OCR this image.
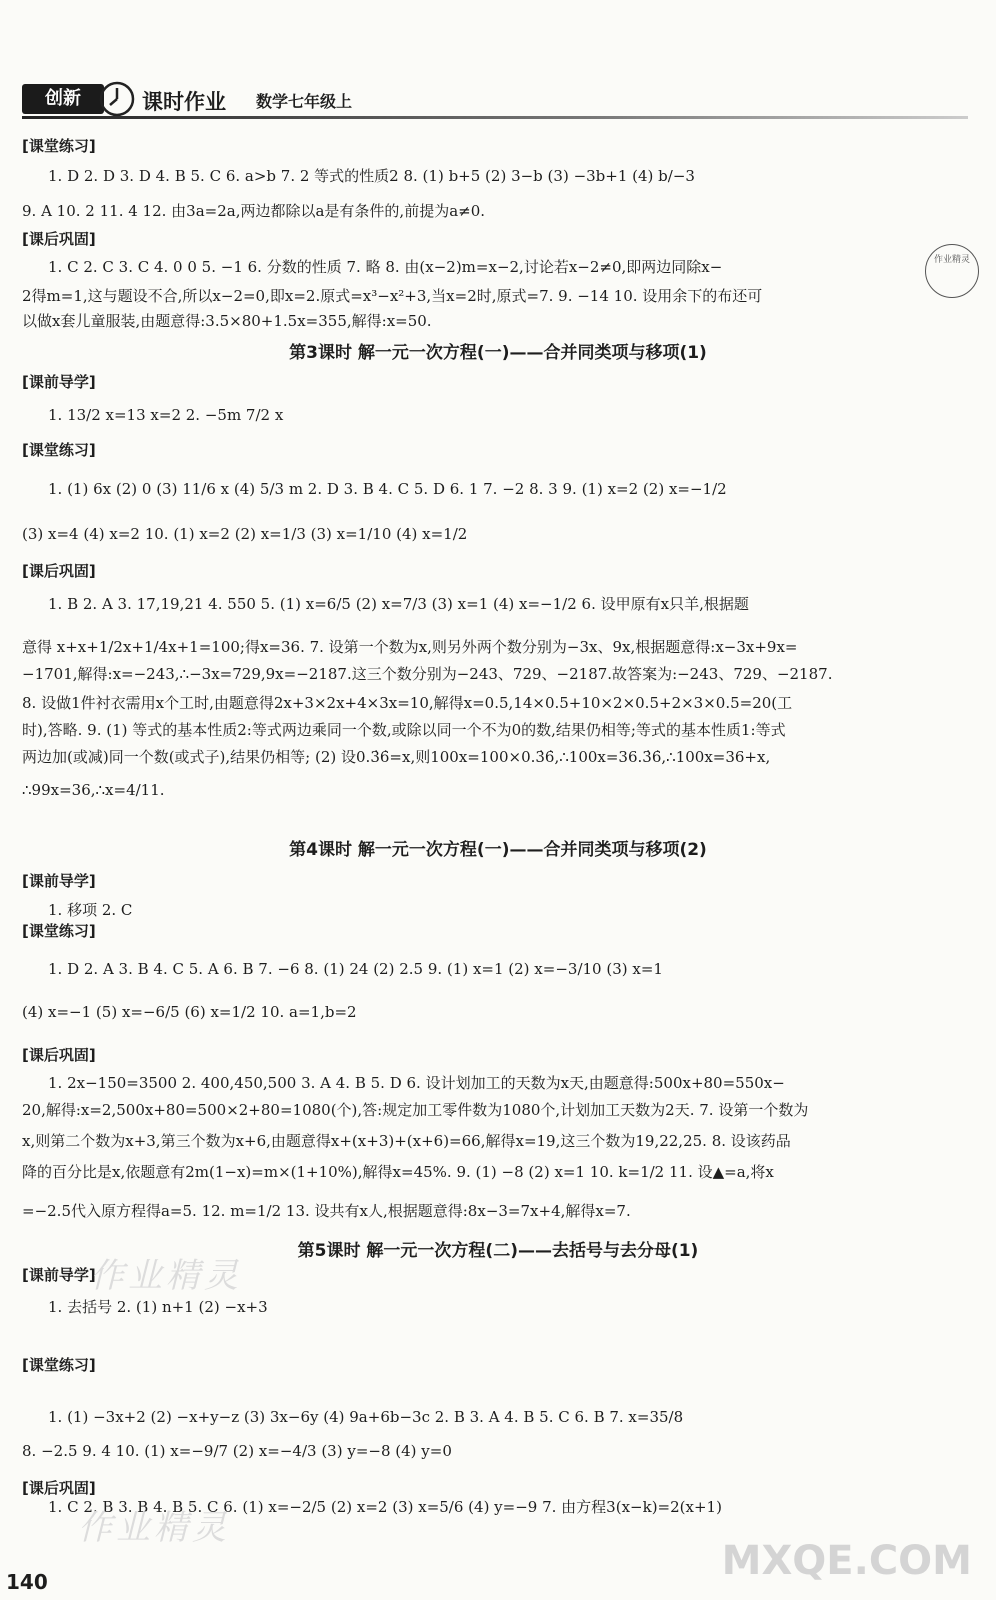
创新	课时作业 数学七年级上
[课堂练习]
1. D 2. D 3. D 4. B 5. C 6. a>b 7. 2 等式的性质2 8. (1) b+5 (2) 3−b (3) −3b+1 (4) b/−3
9. A 10. 2 11. 4 12. 由3a=2a,两边都除以a是有条件的,前提为a≠0.
[课后巩固]
1. C 2. C 3. C 4. 0 0 5. −1 6. 分数的性质 7. 略 8. 由(x−2)m=x−2,讨论若x−2≠0,即两边同除x−
2得m=1,这与题设不合,所以x−2=0,即x=2.原式=x³−x²+3,当x=2时,原式=7. 9. −14 10. 设用余下的布还可
以做x套儿童服装,由题意得:3.5×80+1.5x=355,解得:x=50.
第3课时 解一元一次方程(一)——合并同类项与移项(1)
[课前导学]
1. 13/2 x=13 x=2 2. −5m 7/2 x
[课堂练习]
1. (1) 6x (2) 0 (3) 11/6 x (4) 5/3 m 2. D 3. B 4. C 5. D 6. 1 7. −2 8. 3 9. (1) x=2 (2) x=−1/2
(3) x=4 (4) x=2 10. (1) x=2 (2) x=1/3 (3) x=1/10 (4) x=1/2
[课后巩固]
1. B 2. A 3. 17,19,21 4. 550 5. (1) x=6/5 (2) x=7/3 (3) x=1 (4) x=−1/2 6. 设甲原有x只羊,根据题
意得 x+x+1/2x+1/4x+1=100;得x=36. 7. 设第一个数为x,则另外两个数分别为−3x、9x,根据题意得:x−3x+9x=
−1701,解得:x=−243,∴−3x=729,9x=−2187.这三个数分别为−243、729、−2187.故答案为:−243、729、−2187.
8. 设做1件衬衣需用x个工时,由题意得2x+3×2x+4×3x=10,解得x=0.5,14×0.5+10×2×0.5+2×3×0.5=20(工
时),答略. 9. (1) 等式的基本性质2:等式两边乘同一个数,或除以同一个不为0的数,结果仍相等;等式的基本性质1:等式
两边加(或减)同一个数(或式子),结果仍相等; (2) 设0.3̇6̇=x,则100x=100×0.3̇6̇,∴100x=36.3̇6̇,∴100x=36+x,
∴99x=36,∴x=4/11.
第4课时 解一元一次方程(一)——合并同类项与移项(2)
[课前导学]
1. 移项 2. C
[课堂练习]
1. D 2. A 3. B 4. C 5. A 6. B 7. −6 8. (1) 24 (2) 2.5 9. (1) x=1 (2) x=−3/10 (3) x=1
(4) x=−1 (5) x=−6/5 (6) x=1/2 10. a=1,b=2
[课后巩固]
1. 2x−150=3500 2. 400,450,500 3. A 4. B 5. D 6. 设计划加工的天数为x天,由题意得:500x+80=550x−
20,解得:x=2,500x+80=500×2+80=1080(个),答:规定加工零件数为1080个,计划加工天数为2天. 7. 设第一个数为
x,则第二个数为x+3,第三个数为x+6,由题意得x+(x+3)+(x+6)=66,解得x=19,这三个数为19,22,25. 8. 设该药品
降的百分比是x,依题意有2m(1−x)=m×(1+10%),解得x=45%. 9. (1) −8 (2) x=1 10. k=1/2 11. 设▲=a,将x
=−2.5代入原方程得a=5. 12. m=1/2 13. 设共有x人,根据题意得:8x−3=7x+4,解得x=7.
第5课时 解一元一次方程(二)——去括号与去分母(1)
[课前导学]
1. 去括号 2. (1) n+1 (2) −x+3
[课堂练习]
1. (1) −3x+2 (2) −x+y−z (3) 3x−6y (4) 9a+6b−3c 2. B 3. A 4. B 5. C 6. B 7. x=35/8
8. −2.5 9. 4 10. (1) x=−9/7 (2) x=−4/3 (3) y=−8 (4) y=0
[课后巩固]
1. C 2. B 3. B 4. B 5. C 6. (1) x=−2/5 (2) x=2 (3) x=5/6 (4) y=−9 7. 由方程3(x−k)=2(x+1)
作业精灵
作业精灵
作业精灵
MXQE.COM
140
